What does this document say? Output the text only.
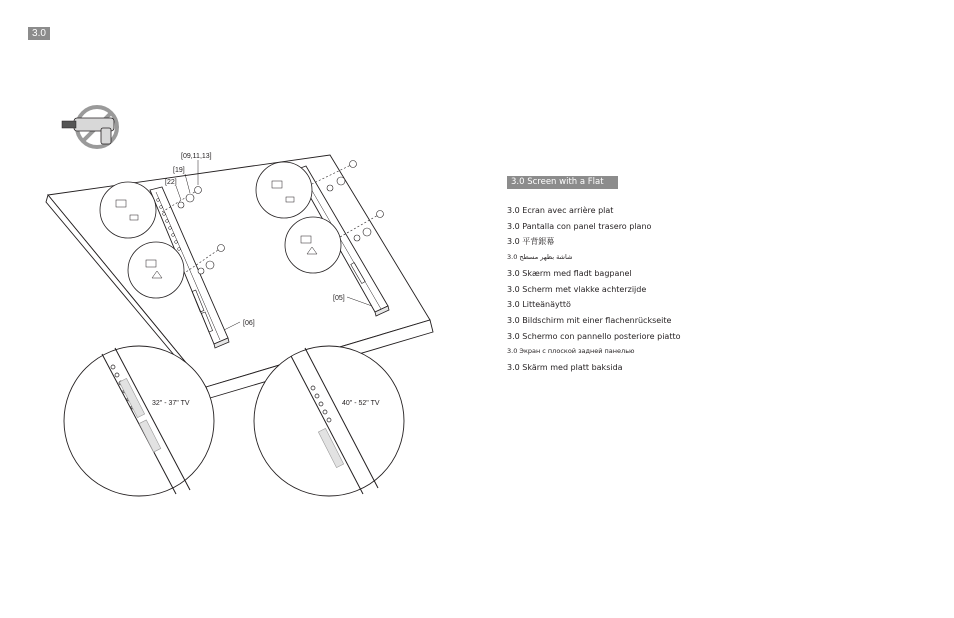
3.0
[09,11,13]
[19]
[22]
[06]
[05]
32" - 37" TV	40" - 52" TV
3.0 Screen with a Flat Back
3.0 Ecran avec arrière plat
3.0 Pantalla con panel trasero plano
3.0 平背銀幕
3.0 شاشة بظهر مسطح
3.0 Skærm med fladt bagpanel
3.0 Scherm met vlakke achterzijde
3.0 Litteänäyttö
3.0 Bildschirm mit einer flachenrückseite
3.0 Schermo con pannello posteriore piatto
3.0 Экран с плоской задней панелью
3.0 Skärm med platt baksida
